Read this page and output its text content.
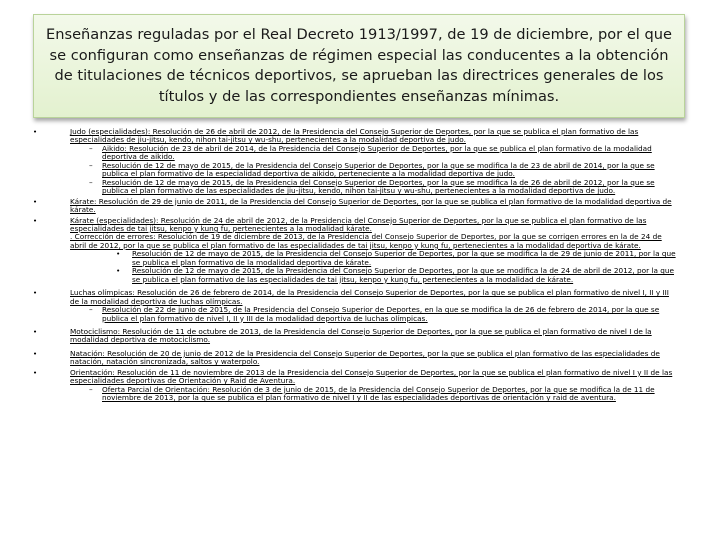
Enseñanzas reguladas por el Real Decreto 1913/1997, de 19 de diciembre, por el que se configuran como enseñanzas de régimen especial las conducentes a la obtención de titulaciones de técnicos deportivos, se aprueban las directrices generales de los títulos y de las correspondientes enseñanzas mínimas.
•	Judo (especialidades): Resolución de 26 de abril de 2012, de la Presidencia del Consejo Superior de Deportes, por la que se publica el plan formativo de las especialidades de jiu-jitsu, kendo, nihon tai-jitsu y wu-shu, pertenecientes a la modalidad deportiva de judo.
– Aikido: Resolución de 23 de abril de 2014, de la Presidencia del Consejo Superior de Deportes, por la que se publica el plan formativo de la modalidad deportiva de aikido.
– Resolución de 12 de mayo de 2015, de la Presidencia del Consejo Superior de Deportes, por la que se modifica la de 23 de abril de 2014, por la que se publica el plan formativo de la especialidad deportiva de aikido, perteneciente a la modalidad deportiva de judo.
– Resolución de 12 de mayo de 2015, de la Presidencia del Consejo Superior de Deportes, por la que se modifica la de 26 de abril de 2012, por la que se publica el plan formativo de las especialidades de jiu-jitsu, kendo, nihon tai-jitsu y wu-shu, pertenecientes a la modalidad deportiva de judo.
•	Kárate: Resolución de 29 de junio de 2011, de la Presidencia del Consejo Superior de Deportes, por la que se publica el plan formativo de la modalidad deportiva de kárate.
•	Kárate (especialidades): Resolución de 24 de abril de 2012, de la Presidencia del Consejo Superior de Deportes, por la que se publica el plan formativo de las especialidades de tai jitsu, kenpo y kung fu, pertenecientes a la modalidad kárate.
. Corrección de errores: Resolución de 19 de diciembre de 2013, de la Presidencia del Consejo Superior de Deportes, por la que se corrigen errores en la de 24 de abril de 2012, por la que se publica el plan formativo de las especialidades de tai jitsu, kenpo y kung fu, pertenecientes a la modalidad deportiva de kárate.
• Resolución de 12 de mayo de 2015, de la Presidencia del Consejo Superior de Deportes, por la que se modifica la de 29 de junio de 2011, por la que se publica el plan formativo de la modalidad deportiva de kárate.
• Resolución de 12 de mayo de 2015, de la Presidencia del Consejo Superior de Deportes, por la que se modifica la de 24 de abril de 2012, por la que se publica el plan formativo de las especialidades de tai jitsu, kenpo y kung fu, pertenecientes a la modalidad de kárate.
•	Luchas olímpicas: Resolución de 26 de febrero de 2014, de la Presidencia del Consejo Superior de Deportes, por la que se publica el plan formativo de nivel I, II y III de la modalidad deportiva de luchas olímpicas.
– Resolución de 22 de junio de 2015, de la Presidencia del Consejo Superior de Deportes, en la que se modifica la de 26 de febrero de 2014, por la que se publica el plan formativo de nivel I, II y III de la modalidad deportiva de luchas olímpicas.
•	Motociclismo: Resolución de 11 de octubre de 2013, de la Presidencia del Consejo Superior de Deportes, por la que se publica el plan formativo de nivel I de la modalidad deportiva de motociclismo.
•	Natación: Resolución de 20 de junio de 2012 de la Presidencia del Consejo Superior de Deportes, por la que se publica el plan formativo de las especialidades de natación, natación sincronizada, saltos y waterpolo.
•	Orientación: Resolución de 11 de noviembre de 2013 de la Presidencia del Consejo Superior de Deportes, por la que se publica el plan formativo de nivel I y II de las especialidades deportivas de Orientación y Raid de Aventura.
– Oferta Parcial de Orientación: Resolución de 3 de junio de 2015, de la Presidencia del Consejo Superior de Deportes, por la que se modifica la de 11 de noviembre de 2013, por la que se publica el plan formativo de nivel I y II de las especialidades deportivas de orientación y raid de aventura.
